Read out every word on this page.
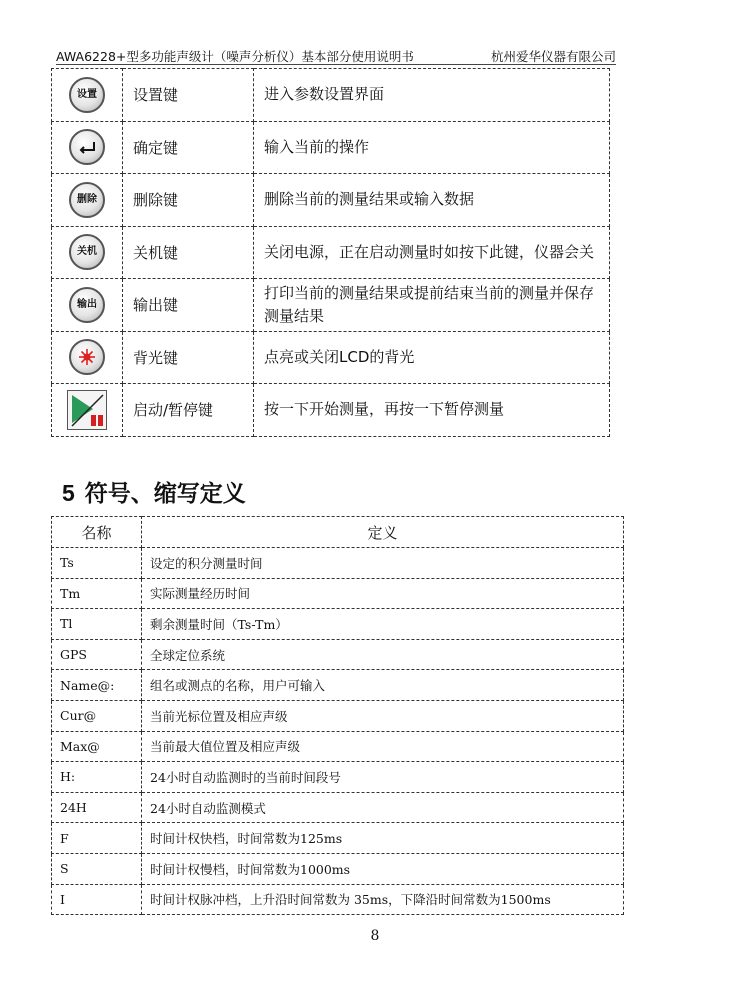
AWA6228+型多功能声级计（噪声分析仪）基本部分使用说明书	杭州爱华仪器有限公司
设置	设置键	进入参数设置界面

	确定键	输入当前的操作
删除	删除键	删除当前的测量结果或输入数据
关机	关机键	关闭电源，正在启动测量时如按下此键，仪器会关
输出	输出键	打印当前的测量结果或提前结束当前的测量并保存测量结果

	背光键	点亮或关闭LCD的背光
	启动/暂停键	按一下开始测量，再按一下暂停测量
5 符号、缩写定义
名称	定义
Ts	设定的积分测量时间
Tm	实际测量经历时间
Tl	剩余测量时间（Ts-Tm）
GPS	全球定位系统
Name@:	组名或测点的名称，用户可输入
Cur@	当前光标位置及相应声级
Max@	当前最大值位置及相应声级
H:	24小时自动监测时的当前时间段号
24H	24小时自动监测模式
F	时间计权快档，时间常数为125ms
S	时间计权慢档，时间常数为1000ms
I	时间计权脉冲档，上升沿时间常数为 35ms，下降沿时间常数为1500ms
8
